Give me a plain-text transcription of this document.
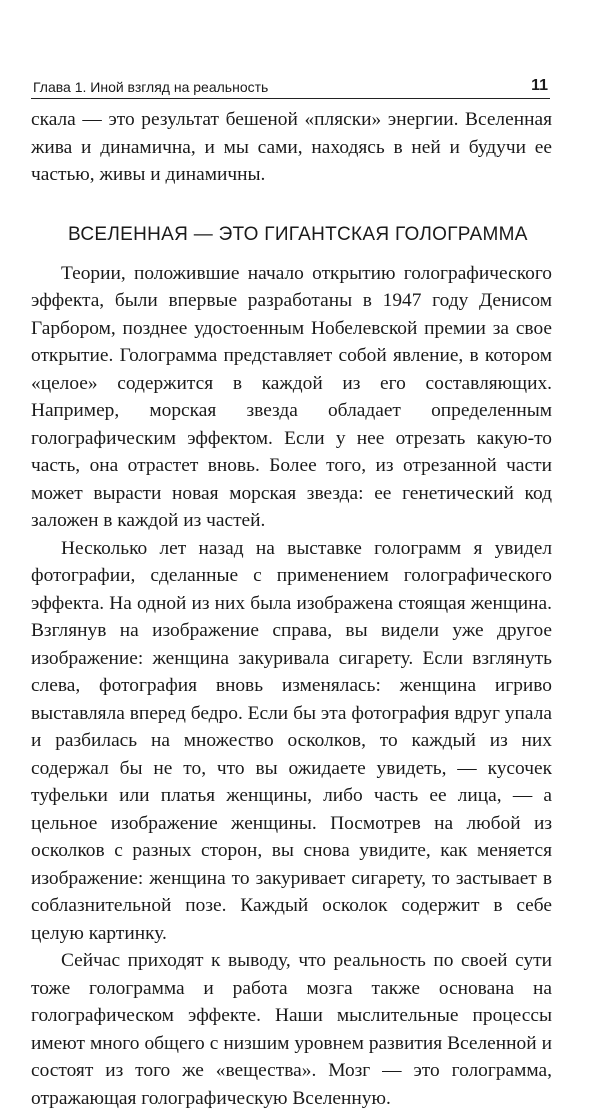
Глава 1. Иной взгляд на реальность	11

скала — это результат бешеной «пляски» энергии. Вселенная жива и динамична, и мы сами, находясь в ней и будучи ее частью, живы и динамичны.

ВСЕЛЕННАЯ — ЭТО ГИГАНТСКАЯ ГОЛОГРАММА

Теории, положившие начало открытию голографического эффекта, были впервые разработаны в 1947 году Денисом Гарбором, позднее удостоенным Нобелевской премии за свое открытие. Голограмма представляет собой явление, в котором «целое» содержится в каждой из его составляющих. Например, морская звезда обладает определенным голографическим эффектом. Если у нее отрезать какую-то часть, она отрастет вновь. Более того, из отрезанной части может вырасти новая морская звезда: ее генетический код заложен в каждой из частей.

Несколько лет назад на выставке голограмм я увидел фотографии, сделанные с применением голографического эффекта. На одной из них была изображена стоящая женщина. Взглянув на изображение справа, вы видели уже другое изображение: женщина закуривала сигарету. Если взглянуть слева, фотография вновь изменялась: женщина игриво выставляла вперед бедро. Если бы эта фотография вдруг упала и разбилась на множество осколков, то каждый из них содержал бы не то, что вы ожидаете увидеть, — кусочек туфельки или платья женщины, либо часть ее лица, — а цельное изображение женщины. Посмотрев на любой из осколков с разных сторон, вы снова увидите, как меняется изображение: женщина то закуривает сигарету, то застывает в соблазнительной позе. Каждый осколок содержит в себе целую картинку.

Сейчас приходят к выводу, что реальность по своей сути тоже голограмма и работа мозга также основана на голографическом эффекте. Наши мыслительные процессы имеют много общего с низшим уровнем развития Вселенной и состоят из того же «вещества». Мозг — это голограмма, отражающая голографическую Вселенную.
